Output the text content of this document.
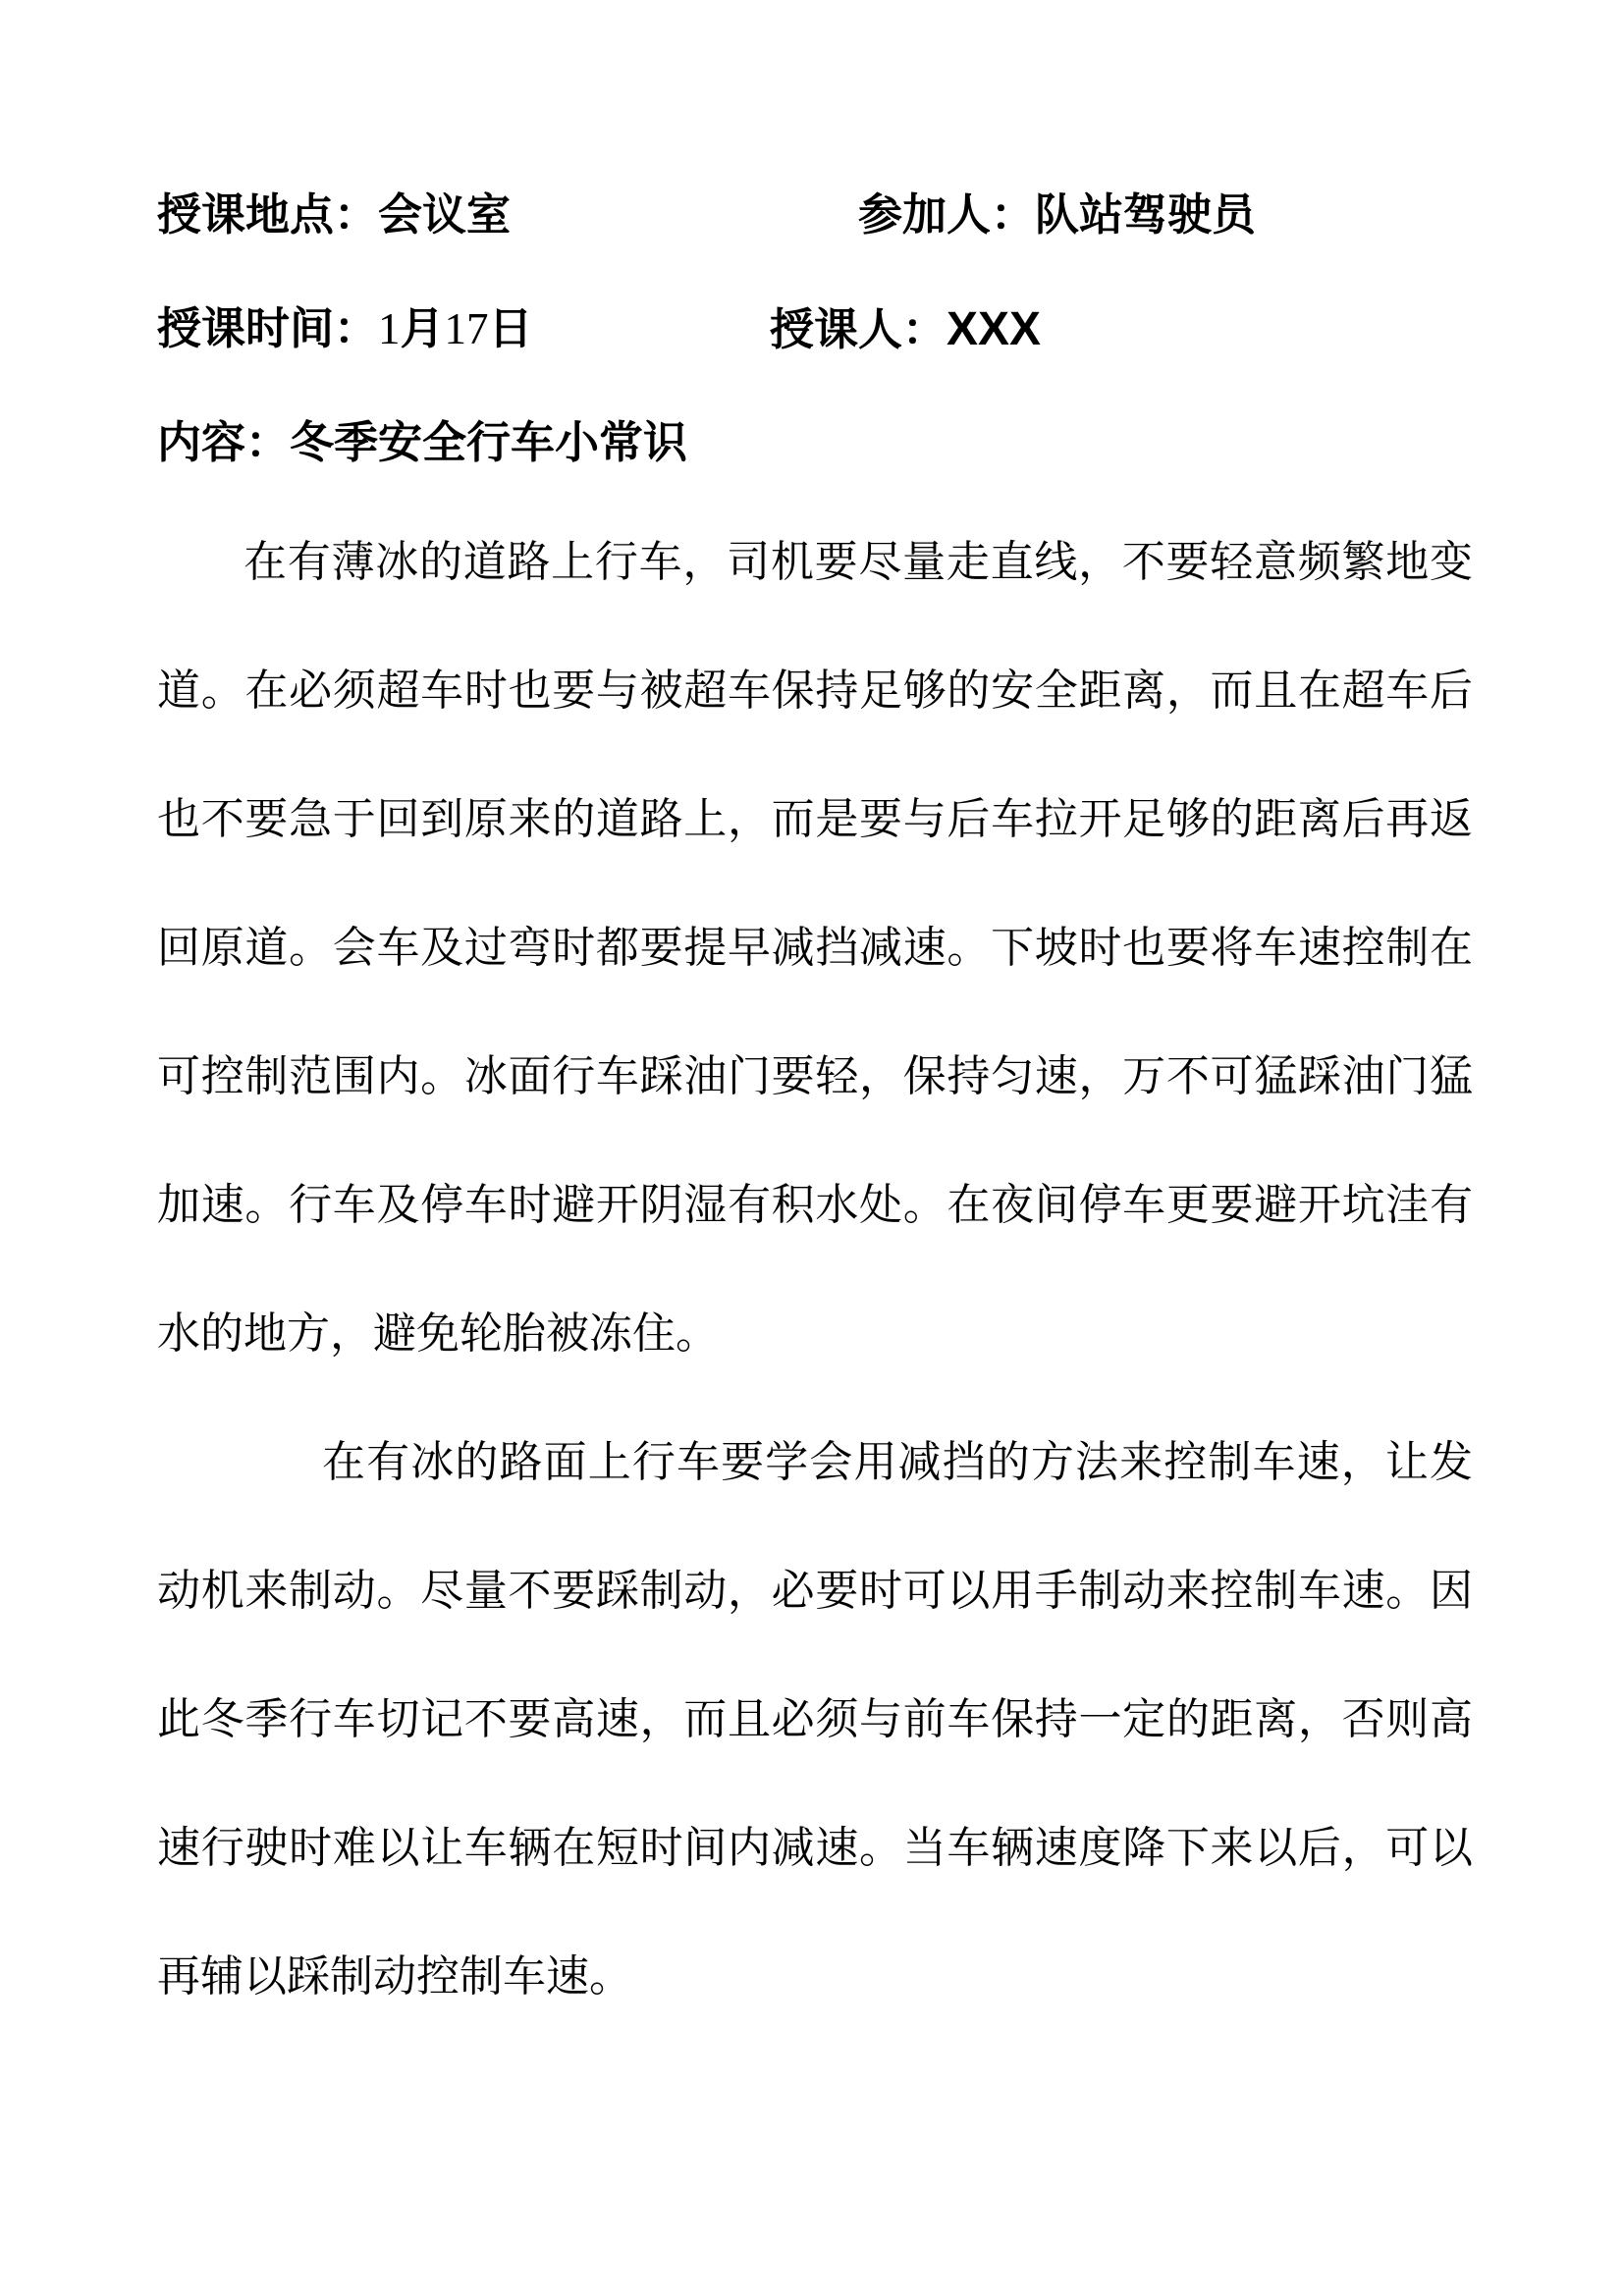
授课地点：会议室	参加人：队站驾驶员
授课时间：1月17日	授课人：XXX
内容：冬季安全行车小常识
在有薄冰的道路上行车，司机要尽量走直线，不要轻意频繁地变道。在必须超车时也要与被超车保持足够的安全距离，而且在超车后也不要急于回到原来的道路上，而是要与后车拉开足够的距离后再返回原道。会车及过弯时都要提早减挡减速。下坡时也要将车速控制在可控制范围内。冰面行车踩油门要轻，保持匀速，万不可猛踩油门猛加速。行车及停车时避开阴湿有积水处。在夜间停车更要避开坑洼有水的地方，避免轮胎被冻住。
在有冰的路面上行车要学会用减挡的方法来控制车速，让发动机来制动。尽量不要踩制动，必要时可以用手制动来控制车速。因此冬季行车切记不要高速，而且必须与前车保持一定的距离，否则高速行驶时难以让车辆在短时间内减速。当车辆速度降下来以后，可以再辅以踩制动控制车速。
